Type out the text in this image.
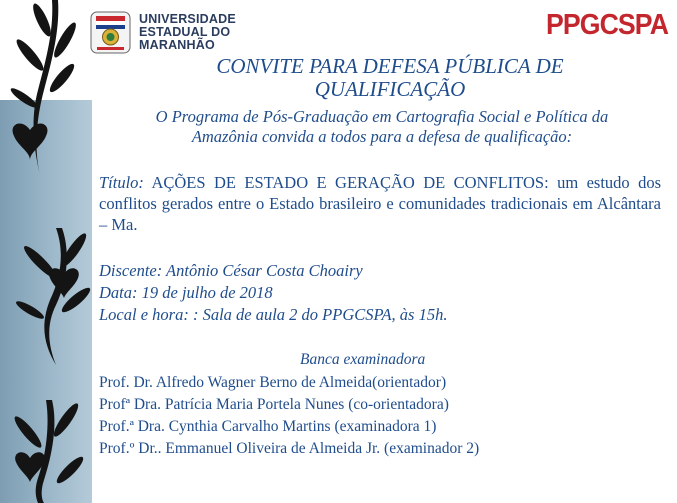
UNIVERSIDADE
ESTADUAL DO
MARANHÃO
PPGCSPA
CONVITE PARA DEFESA PÚBLICA DE
QUALIFICAÇÃO
O Programa de Pós-Graduação em Cartografia Social e Política da
Amazônia convida a todos para a defesa de qualificação:
Título: AÇÕES DE ESTADO E GERAÇÃO DE CONFLITOS: um estudo dos conflitos gerados entre o Estado brasileiro e comunidades tradicionais em Alcântara – Ma.
Discente: Antônio César Costa Choairy
Data: 19 de julho de 2018
Local e hora: : Sala de aula 2 do PPGCSPA, às 15h.
Banca examinadora
Prof. Dr. Alfredo Wagner Berno de Almeida(orientador)
Profª Dra. Patrícia Maria Portela Nunes (co-orientadora)
Prof.ª Dra. Cynthia Carvalho Martins (examinadora 1)
Prof.º Dr.. Emmanuel Oliveira de Almeida Jr. (examinador 2)
